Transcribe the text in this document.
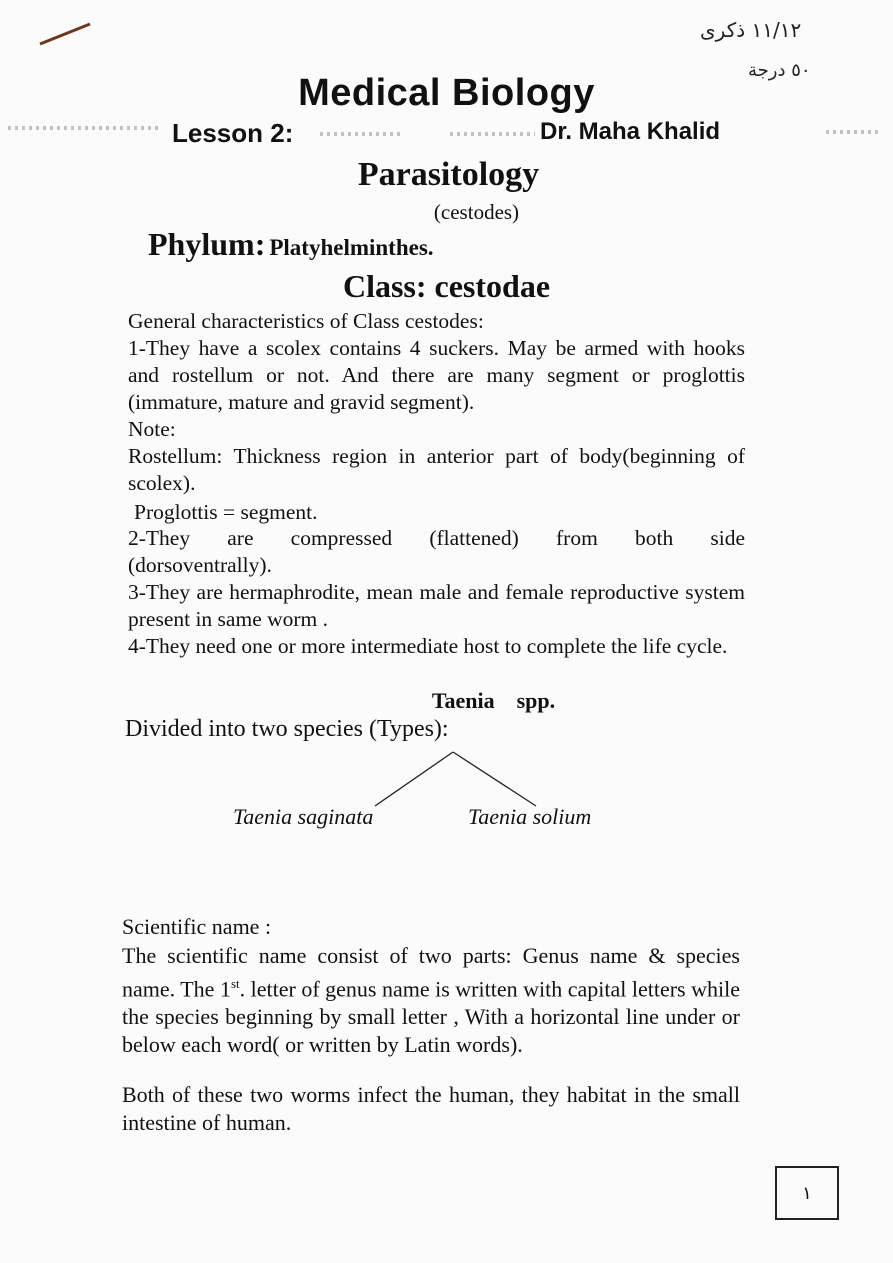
١١/١٢ ذكرى
٥٠ درجة
Medical Biology
Lesson 2:	Dr. Maha Khalid
Parasitology
(cestodes)
Phylum: Platyhelminthes.
Class: cestodae
General characteristics of Class cestodes:
1-They have a scolex contains 4 suckers. May be armed with hooks and rostellum or not. And there are many segment or proglottis (immature, mature and gravid segment).
Note:
Rostellum: Thickness region in anterior part of body(beginning of scolex).
Proglottis = segment.
2-They are compressed (flattened) from both side
(dorsoventrally).
3-They are hermaphrodite, mean male and female reproductive system present in same worm .
4-They need one or more intermediate host to complete the life cycle.
Taenia spp.
Divided into two species (Types):
Taenia saginata	Taenia solium
Scientific name :
The scientific name consist of two parts: Genus name & species name. The 1st. letter of genus name is written with capital letters while the species beginning by small letter , With a horizontal line under or below each word( or written by Latin words).
Both of these two worms infect the human, they habitat in the small intestine of human.
١
